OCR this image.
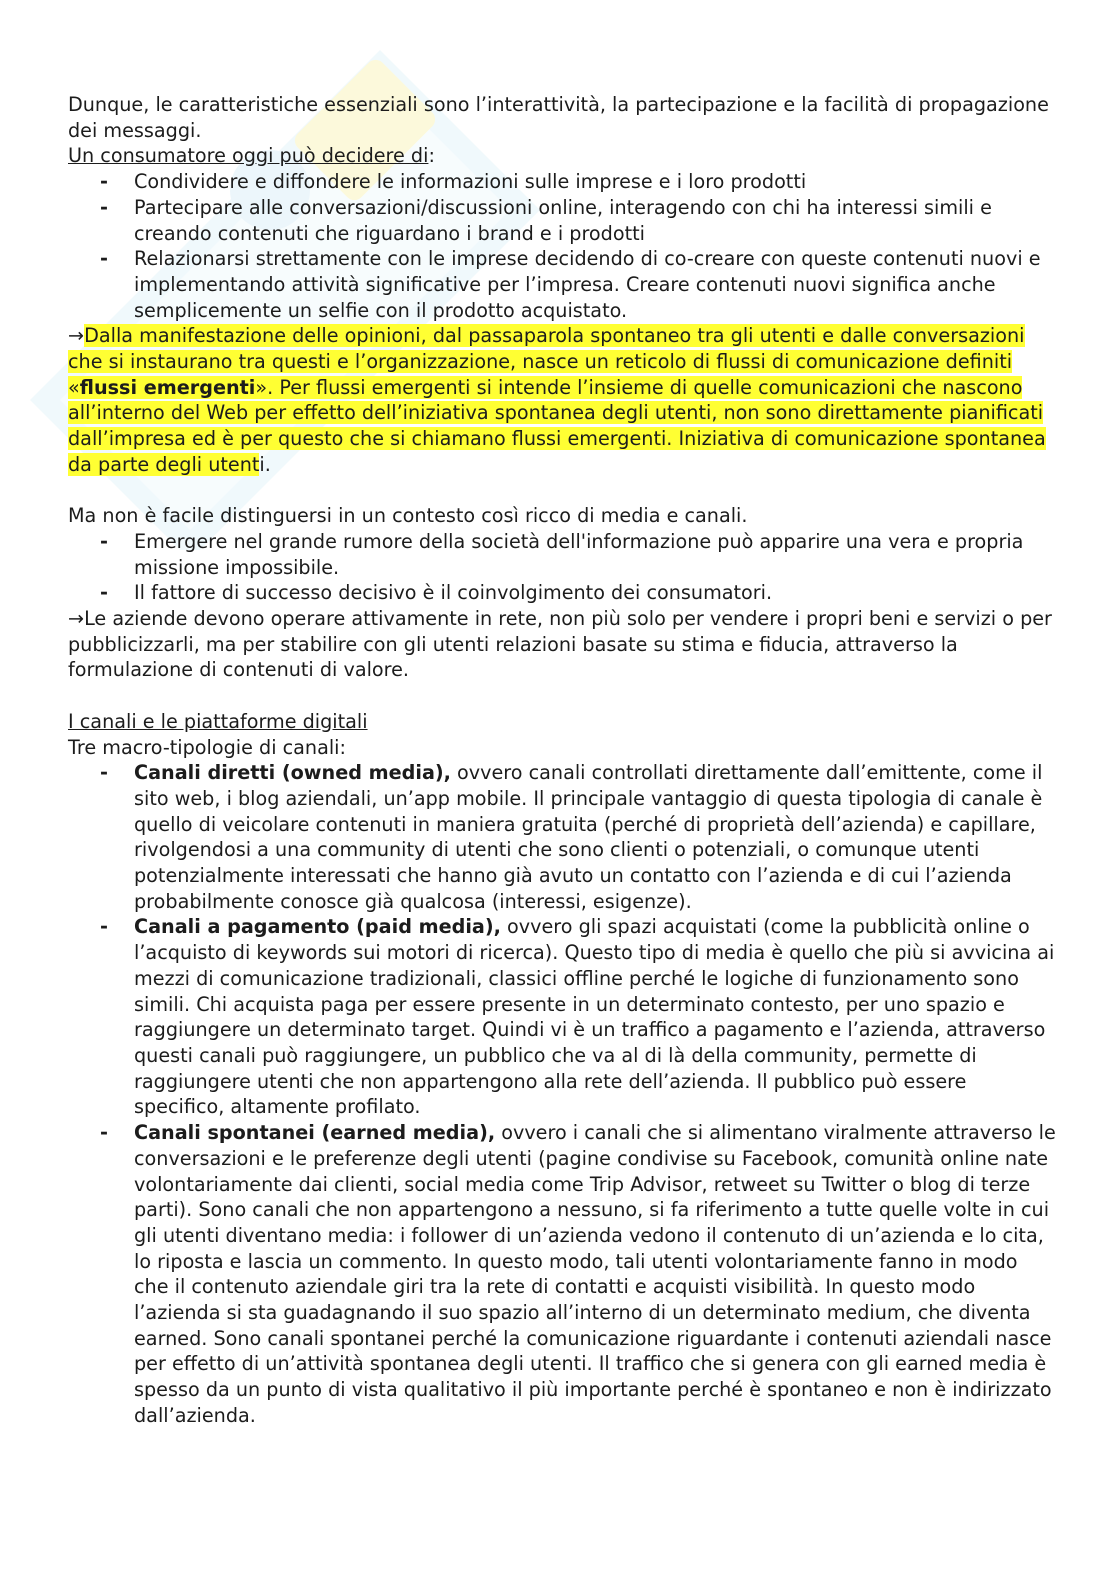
Dunque, le caratteristiche essenziali sono l’interattività, la partecipazione e la facilità di propagazione dei messaggi.

Un consumatore oggi può decidere di:

- Condividere e diffondere le informazioni sulle imprese e i loro prodotti
- Partecipare alle conversazioni/discussioni online, interagendo con chi ha interessi simili e creando contenuti che riguardano i brand e i prodotti
- Relazionarsi strettamente con le imprese decidendo di co-creare con queste contenuti nuovi e implementando attività significative per l’impresa. Creare contenuti nuovi significa anche semplicemente un selfie con il prodotto acquistato.

→Dalla manifestazione delle opinioni, dal passaparola spontaneo tra gli utenti e dalle conversazioni che si instaurano tra questi e l’organizzazione, nasce un reticolo di flussi di comunicazione definiti «flussi emergenti». Per flussi emergenti si intende l’insieme di quelle comunicazioni che nascono all’interno del Web per effetto dell’iniziativa spontanea degli utenti, non sono direttamente pianificati dall’impresa ed è per questo che si chiamano flussi emergenti. Iniziativa di comunicazione spontanea da parte degli utenti.

Ma non è facile distinguersi in un contesto così ricco di media e canali.

- Emergere nel grande rumore della società dell'informazione può apparire una vera e propria missione impossibile.
- Il fattore di successo decisivo è il coinvolgimento dei consumatori.

→Le aziende devono operare attivamente in rete, non più solo per vendere i propri beni e servizi o per pubblicizzarli, ma per stabilire con gli utenti relazioni basate su stima e fiducia, attraverso la formulazione di contenuti di valore.

I canali e le piattaforme digitali

Tre macro-tipologie di canali:

- Canali diretti (owned media), ovvero canali controllati direttamente dall’emittente, come il sito web, i blog aziendali, un’app mobile. Il principale vantaggio di questa tipologia di canale è quello di veicolare contenuti in maniera gratuita (perché di proprietà dell’azienda) e capillare, rivolgendosi a una community di utenti che sono clienti o potenziali, o comunque utenti potenzialmente interessati che hanno già avuto un contatto con l’azienda e di cui l’azienda probabilmente conosce già qualcosa (interessi, esigenze).
- Canali a pagamento (paid media), ovvero gli spazi acquistati (come la pubblicità online o l’acquisto di keywords sui motori di ricerca). Questo tipo di media è quello che più si avvicina ai mezzi di comunicazione tradizionali, classici offline perché le logiche di funzionamento sono simili. Chi acquista paga per essere presente in un determinato contesto, per uno spazio e raggiungere un determinato target. Quindi vi è un traffico a pagamento e l’azienda, attraverso questi canali può raggiungere, un pubblico che va al di là della community, permette di raggiungere utenti che non appartengono alla rete dell’azienda. Il pubblico può essere specifico, altamente profilato.
- Canali spontanei (earned media), ovvero i canali che si alimentano viralmente attraverso le conversazioni e le preferenze degli utenti (pagine condivise su Facebook, comunità online nate volontariamente dai clienti, social media come Trip Advisor, retweet su Twitter o blog di terze parti). Sono canali che non appartengono a nessuno, si fa riferimento a tutte quelle volte in cui gli utenti diventano media: i follower di un’azienda vedono il contenuto di un’azienda e lo cita, lo riposta e lascia un commento. In questo modo, tali utenti volontariamente fanno in modo che il contenuto aziendale giri tra la rete di contatti e acquisti visibilità. In questo modo l’azienda si sta guadagnando il suo spazio all’interno di un determinato medium, che diventa earned. Sono canali spontanei perché la comunicazione riguardante i contenuti aziendali nasce per effetto di un’attività spontanea degli utenti. Il traffico che si genera con gli earned media è spesso da un punto di vista qualitativo il più importante perché è spontaneo e non è indirizzato dall’azienda.
